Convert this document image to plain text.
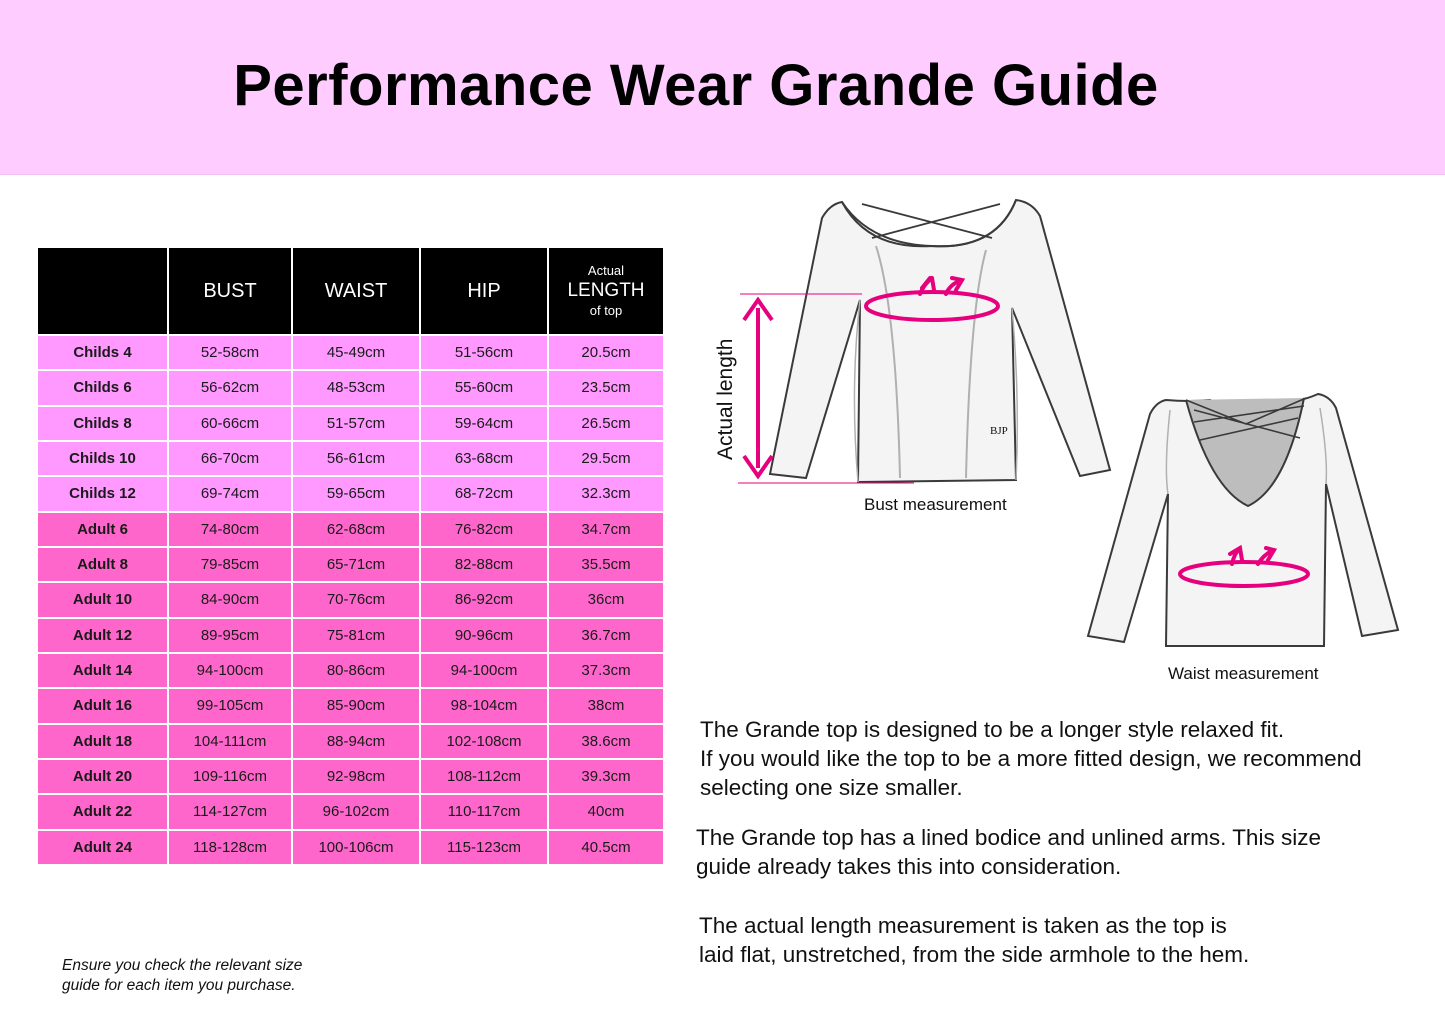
Performance Wear Grande Guide
	BUST	WAIST	HIP	Actual
LENGTH
of top

Childs 4	52-58cm	45-49cm	51-56cm	20.5cm
Childs 6	56-62cm	48-53cm	55-60cm	23.5cm
Childs 8	60-66cm	51-57cm	59-64cm	26.5cm
Childs 10	66-70cm	56-61cm	63-68cm	29.5cm
Childs 12	69-74cm	59-65cm	68-72cm	32.3cm
Adult 6	74-80cm	62-68cm	76-82cm	34.7cm
Adult 8	79-85cm	65-71cm	82-88cm	35.5cm
Adult 10	84-90cm	70-76cm	86-92cm	36cm
Adult 12	89-95cm	75-81cm	90-96cm	36.7cm
Adult 14	94-100cm	80-86cm	94-100cm	37.3cm
Adult 16	99-105cm	85-90cm	98-104cm	38cm
Adult 18	104-111cm	88-94cm	102-108cm	38.6cm
Adult 20	109-116cm	92-98cm	108-112cm	39.3cm
Adult 22	114-127cm	96-102cm	110-117cm	40cm
Adult 24	118-128cm	100-106cm	115-123cm	40.5cm
Ensure you check the relevant size
guide for each item you purchase.
BJP
Actual length
Bust measurement
Waist measurement

The Grande top is designed to be a longer style relaxed fit.

If you would like the top to be a more fitted design, we recommend

selecting one size smaller.

The Grande top has a lined bodice and unlined arms. This size

guide already takes this into consideration.

The actual length measurement is taken as the top is

laid flat, unstretched, from the side armhole to the hem.
